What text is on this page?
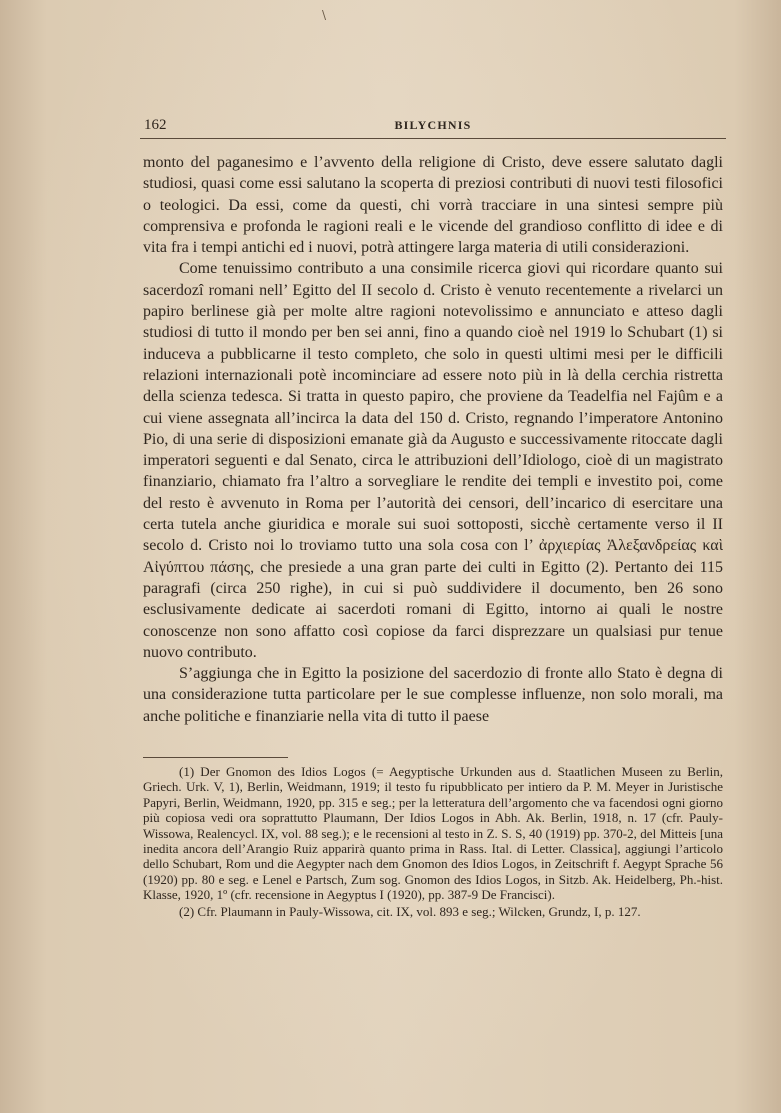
\
162	BILYCHNIS

monto del paganesimo e l’avvento della religione di Cristo, deve essere salutato dagli studiosi, quasi come essi salutano la scoperta di preziosi contributi di nuovi testi filosofici o teologici. Da essi, come da questi, chi vorrà tracciare in una sintesi sempre più comprensiva e profonda le ragioni reali e le vicende del grandioso conflitto di idee e di vita fra i tempi antichi ed i nuovi, potrà attingere larga materia di utili considerazioni.

Come tenuissimo contributo a una consimile ricerca giovi qui ricordare quanto sui sacerdozî romani nell’ Egitto del II secolo d. Cristo è venuto recentemente a rivelarci un papiro berlinese già per molte altre ragioni notevolissimo e annunciato e atteso dagli studiosi di tutto il mondo per ben sei anni, fino a quando cioè nel 1919 lo Schubart (1) si induceva a pubblicarne il testo completo, che solo in questi ultimi mesi per le difficili relazioni internazionali potè incominciare ad essere noto più in là della cerchia ristretta della scienza tedesca. Si tratta in questo papiro, che proviene da Teadelfia nel Fajûm e a cui viene assegnata all’incirca la data del 150 d. Cristo, regnando l’imperatore Antonino Pio, di una serie di disposizioni emanate già da Augusto e successivamente ritoccate dagli imperatori seguenti e dal Senato, circa le attribuzioni dell’Idiologo, cioè di un magistrato finanziario, chiamato fra l’altro a sorvegliare le rendite dei templi e investito poi, come del resto è avvenuto in Roma per l’autorità dei censori, dell’incarico di esercitare una certa tutela anche giuridica e morale sui suoi sottoposti, sicchè certamente verso il II secolo d. Cristo noi lo troviamo tutto una sola cosa con l’ ἀρχιερίας Ἀλεξανδρείας καὶ Αἰγύπτου πάσης, che presiede a una gran parte dei culti in Egitto (2). Pertanto dei 115 paragrafi (circa 250 righe), in cui si può suddividere il documento, ben 26 sono esclusivamente dedicate ai sacerdoti romani di Egitto, intorno ai quali le nostre conoscenze non sono affatto così copiose da farci disprezzare un qualsiasi pur tenue nuovo contributo.

S’aggiunga che in Egitto la posizione del sacerdozio di fronte allo Stato è degna di una considerazione tutta particolare per le sue complesse influenze, non solo morali, ma anche politiche e finanziarie nella vita di tutto il paese

(1) Der Gnomon des Idios Logos (= Aegyptische Urkunden aus d. Staatlichen Museen zu Berlin, Griech. Urk. V, 1), Berlin, Weidmann, 1919; il testo fu ripubblicato per intiero da P. M. Meyer in Juristische Papyri, Berlin, Weidmann, 1920, pp. 315 e seg.; per la letteratura dell’argomento che va facendosi ogni giorno più copiosa vedi ora soprattutto Plaumann, Der Idios Logos in Abh. Ak. Berlin, 1918, n. 17 (cfr. Pauly-Wissowa, Realencycl. IX, vol. 88 seg.); e le recensioni al testo in Z. S. S, 40 (1919) pp. 370-2, del Mitteis [una inedita ancora dell’Arangio Ruiz apparirà quanto prima in Rass. Ital. di Letter. Classica], aggiungi l’articolo dello Schubart, Rom und die Aegypter nach dem Gnomon des Idios Logos, in Zeitschrift f. Aegypt Sprache 56 (1920) pp. 80 e seg. e Lenel e Partsch, Zum sog. Gnomon des Idios Logos, in Sitzb. Ak. Heidelberg, Ph.-hist. Klasse, 1920, 1º (cfr. recensione in Aegyptus I (1920), pp. 387-9 De Francisci).

(2) Cfr. Plaumann in Pauly-Wissowa, cit. IX, vol. 893 e seg.; Wilcken, Grundz, I, p. 127.
